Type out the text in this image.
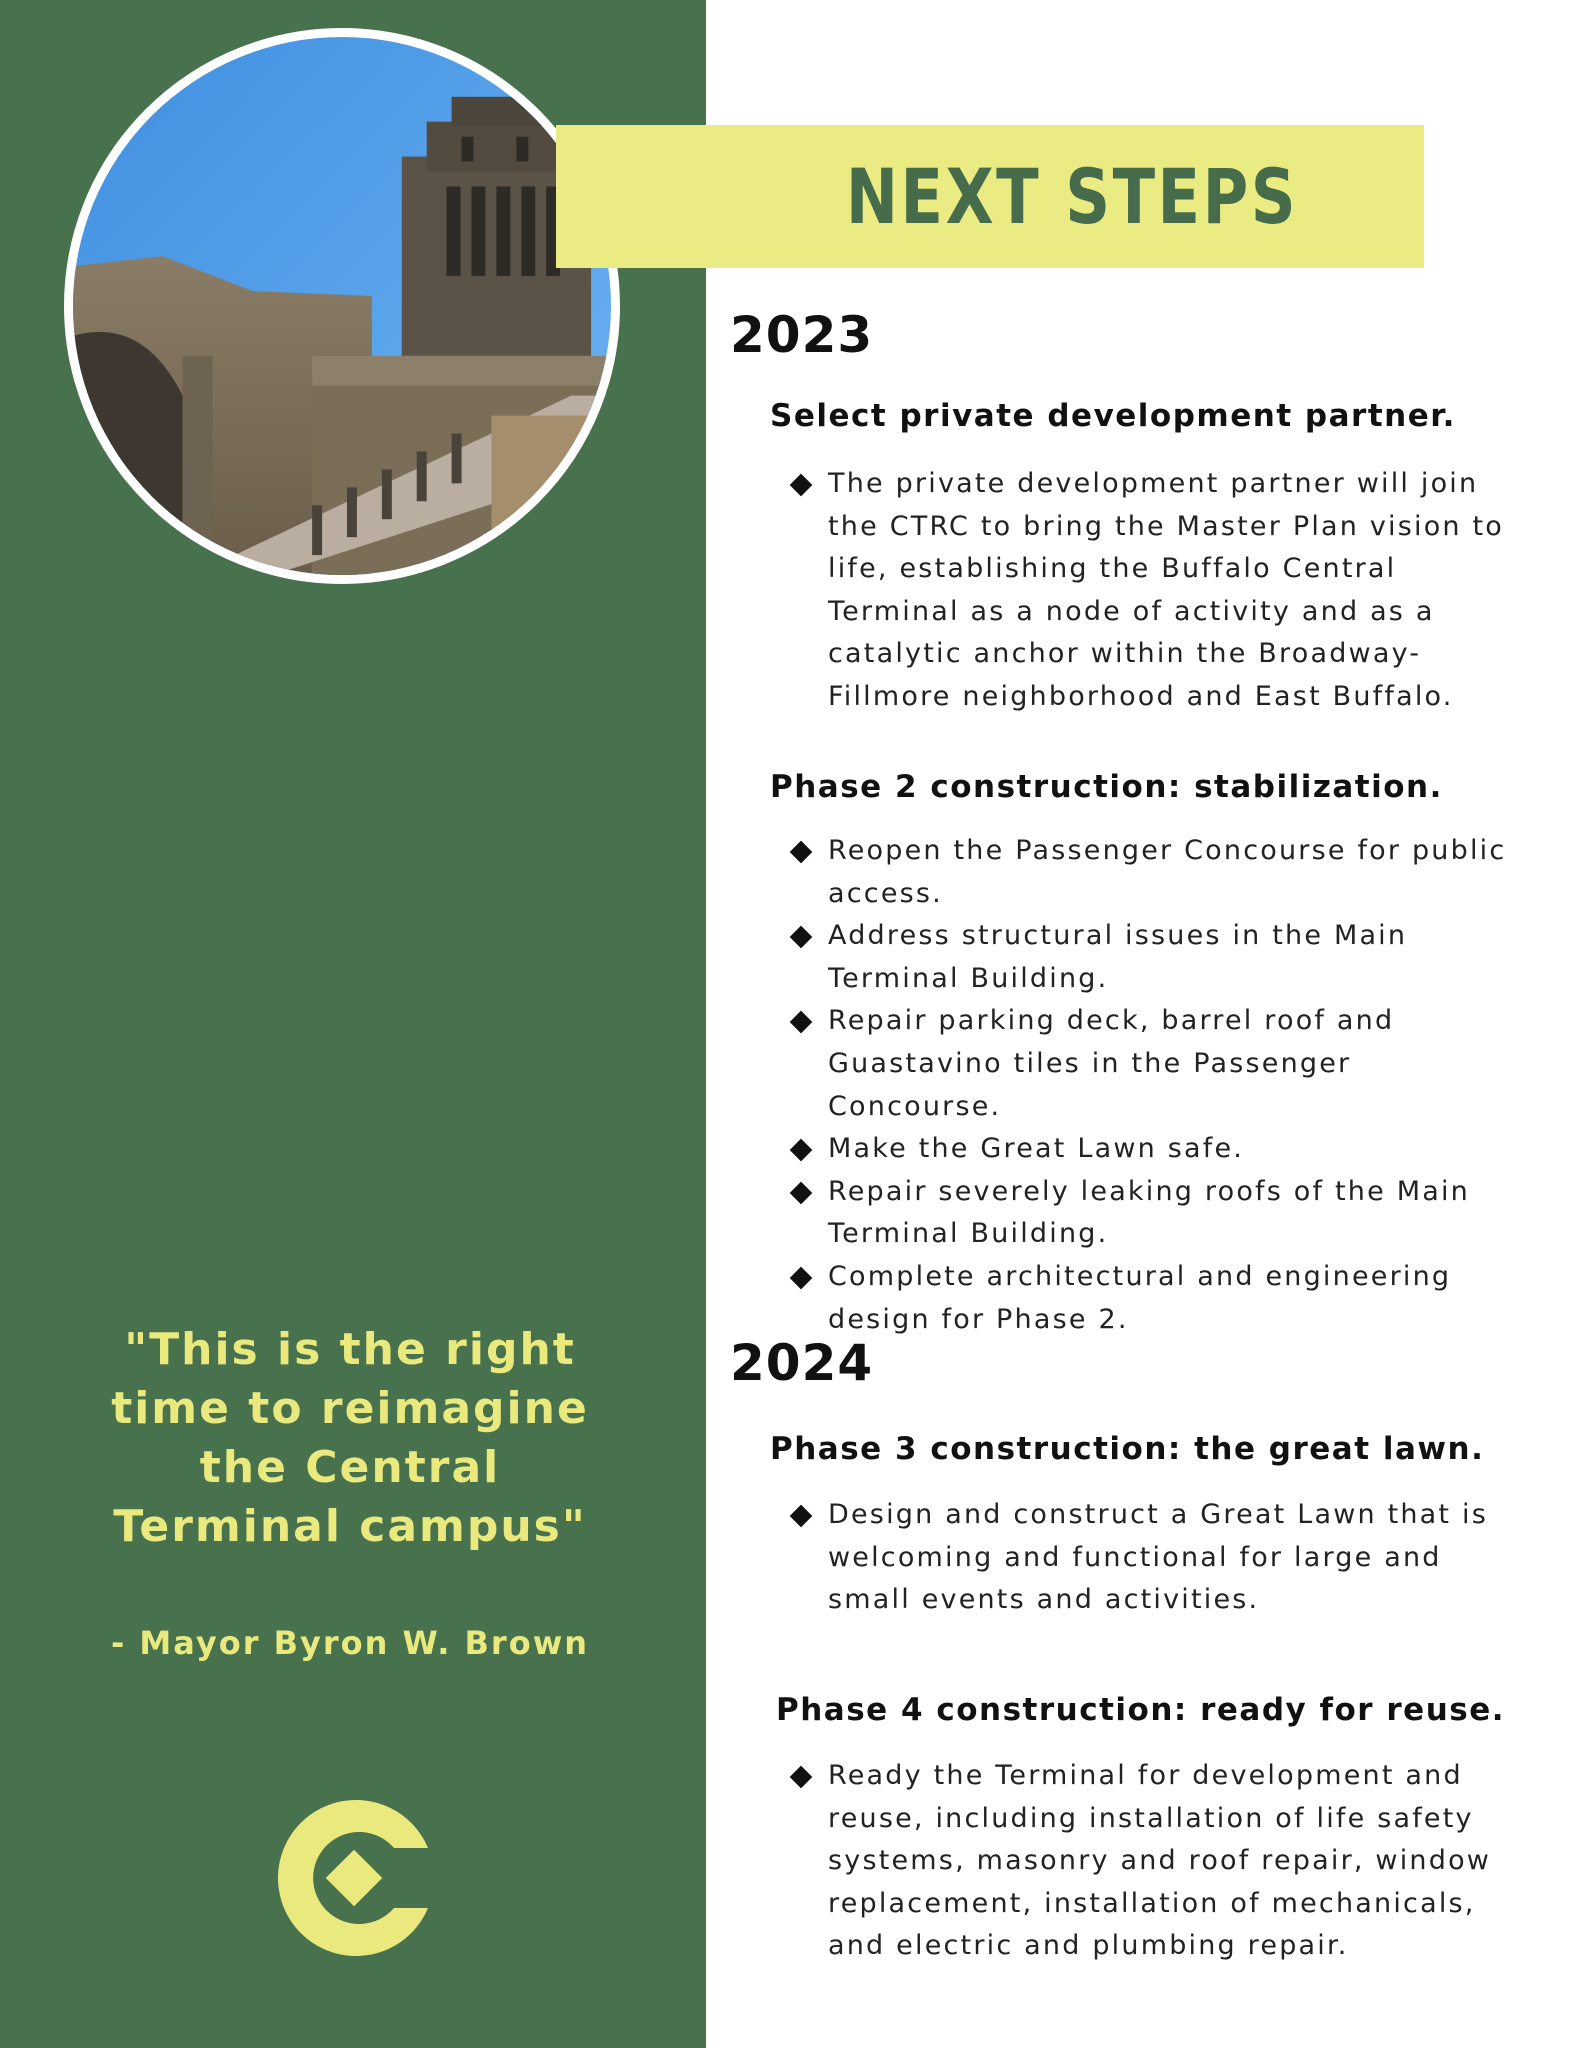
"This is the right time to reimagine the Central Terminal campus"
- Mayor Byron W. Brown
NEXT STEPS
2023
Select private development partner.
The private development partner will join the CTRC to bring the Master Plan vision to life, establishing the Buffalo Central Terminal as a node of activity and as a catalytic anchor within the Broadway-Fillmore neighborhood and East Buffalo.
Phase 2 construction: stabilization.
Reopen the Passenger Concourse for public access.
Address structural issues in the Main Terminal Building.
Repair parking deck, barrel roof and Guastavino tiles in the Passenger Concourse.
Make the Great Lawn safe.
Repair severely leaking roofs of the Main Terminal Building.
Complete architectural and engineering design for Phase 2.
2024
Phase 3 construction: the great lawn.
Design and construct a Great Lawn that is welcoming and functional for large and small events and activities.
Phase 4 construction: ready for reuse.
Ready the Terminal for development and reuse, including installation of life safety systems, masonry and roof repair, window replacement, installation of mechanicals, and electric and plumbing repair.
